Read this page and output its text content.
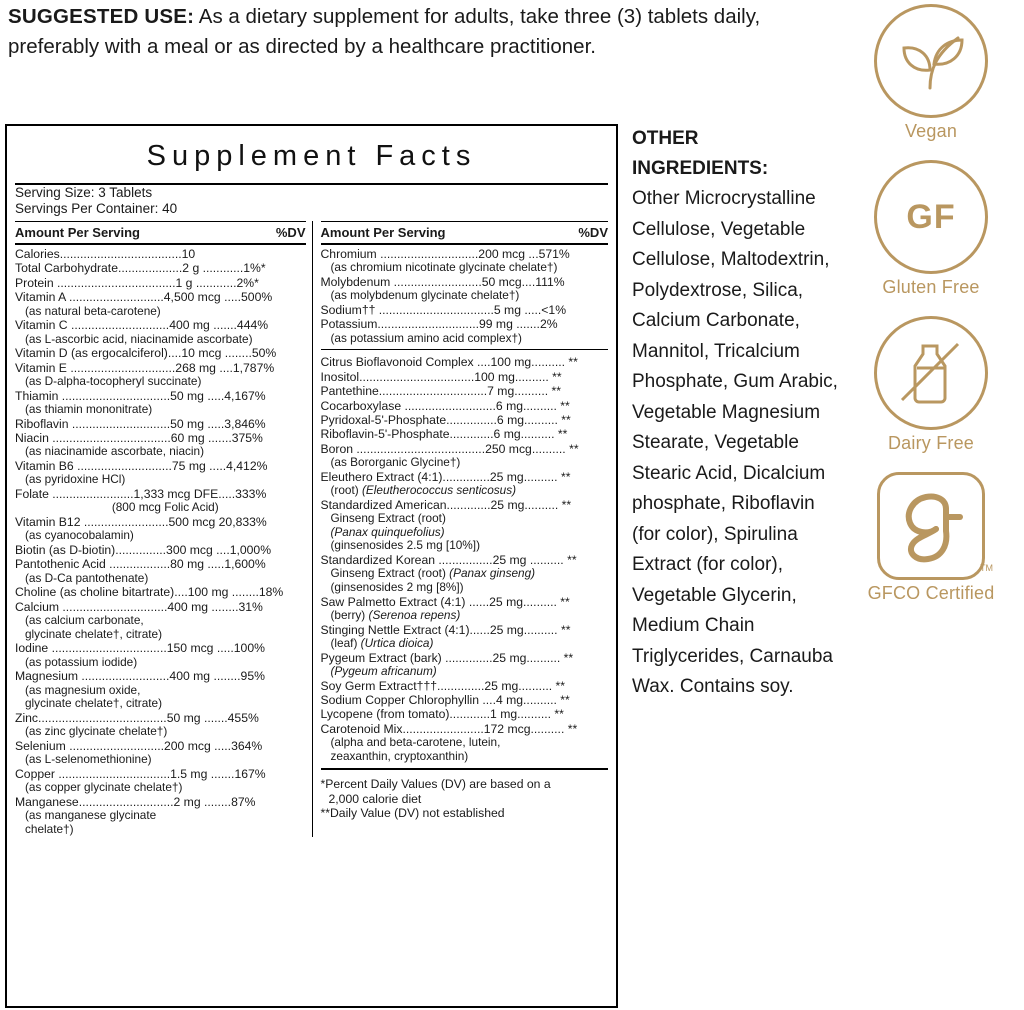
SUGGESTED USE: As a dietary supplement for adults, take three (3) tablets daily, preferably with a meal or as directed by a healthcare practitioner.
Supplement Facts
Serving Size: 3 Tablets
Servings Per Container: 40
Amount Per Serving	%DV
Calories....................................10
Total Carbohydrate...................2 g ............1%*
Protein ...................................1 g ............2%*
Vitamin A ............................4,500 mcg .....500%
(as natural beta-carotene)
Vitamin C .............................400 mg .......444%
(as L-ascorbic acid, niacinamide ascorbate)
Vitamin D (as ergocalciferol)....10 mcg ........50%
Vitamin E ...............................268 mg ....1,787%
(as D-alpha-tocopheryl succinate)
Thiamin ................................50 mg .....4,167%
(as thiamin mononitrate)
Riboflavin .............................50 mg .....3,846%
Niacin ...................................60 mg .......375%
(as niacinamide ascorbate, niacin)
Vitamin B6 ............................75 mg .....4,412%
(as pyridoxine HCl)
Folate ........................1,333 mcg DFE.....333%
(800 mcg Folic Acid)
Vitamin B12 .........................500 mcg 20,833%
(as cyanocobalamin)
Biotin (as D-biotin)...............300 mcg ....1,000%
Pantothenic Acid ..................80 mg .....1,600%
(as D-Ca pantothenate)
Choline (as choline bitartrate)....100 mg ........18%
Calcium ...............................400 mg ........31%
(as calcium carbonate,
glycinate chelate†, citrate)
Iodine ..................................150 mcg .....100%
(as potassium iodide)
Magnesium ..........................400 mg ........95%
(as magnesium oxide,
glycinate chelate†, citrate)
Zinc......................................50 mg .......455%
(as zinc glycinate chelate†)
Selenium ............................200 mcg .....364%
(as L-selenomethionine)
Copper .................................1.5 mg .......167%
(as copper glycinate chelate†)
Manganese............................2 mg ........87%
(as manganese glycinate
chelate†)
Amount Per Serving	%DV
Chromium .............................200 mcg ...571%
(as chromium nicotinate glycinate chelate†)
Molybdenum ..........................50 mcg....111%
(as molybdenum glycinate chelate†)
Sodium†† ..................................5 mg .....<1%
Potassium..............................99 mg .......2%
(as potassium amino acid complex†)
Citrus Bioflavonoid Complex ....100 mg.......... **
Inositol..................................100 mg.......... **
Pantethine................................7 mg.......... **
Cocarboxylase ...........................6 mg.......... **
Pyridoxal-5'-Phosphate...............6 mg.......... **
Riboflavin-5'-Phosphate.............6 mg.......... **
Boron ......................................250 mcg.......... **
(as Bororganic Glycine†)
Eleuthero Extract (4:1)..............25 mg.......... **
(root) (Eleutherococcus senticosus)
Standardized American.............25 mg.......... **
Ginseng Extract (root)
(Panax quinquefolius)
(ginsenosides 2.5 mg [10%])
Standardized Korean ................25 mg .......... **
Ginseng Extract (root) (Panax ginseng)
(ginsenosides 2 mg [8%])
Saw Palmetto Extract (4:1) ......25 mg.......... **
(berry) (Serenoa repens)
Stinging Nettle Extract (4:1)......25 mg.......... **
(leaf) (Urtica dioica)
Pygeum Extract (bark) ..............25 mg.......... **
(Pygeum africanum)
Soy Germ Extract†††..............25 mg.......... **
Sodium Copper Chlorophyllin ....4 mg.......... **
Lycopene (from tomato)............1 mg.......... **
Carotenoid Mix........................172 mcg.......... **
(alpha and beta-carotene, lutein,
zeaxanthin, cryptoxanthin)
*Percent Daily Values (DV) are based on a
2,000 calorie diet
**Daily Value (DV) not established
OTHER
INGREDIENTS:
Other Microcrystalline Cellulose, Vegetable Cellulose, Maltodextrin, Polydextrose, Silica, Calcium Carbonate, Mannitol, Tricalcium Phosphate, Gum Arabic, Vegetable Magnesium Stearate, Vegetable Stearic Acid, Dicalcium phosphate, Riboflavin (for color), Spirulina Extract (for color), Vegetable Glycerin, Medium Chain Triglycerides, Carnauba Wax. Contains soy.
Vegan
GF
Gluten Free
Dairy Free
TM
GFCO Certified
